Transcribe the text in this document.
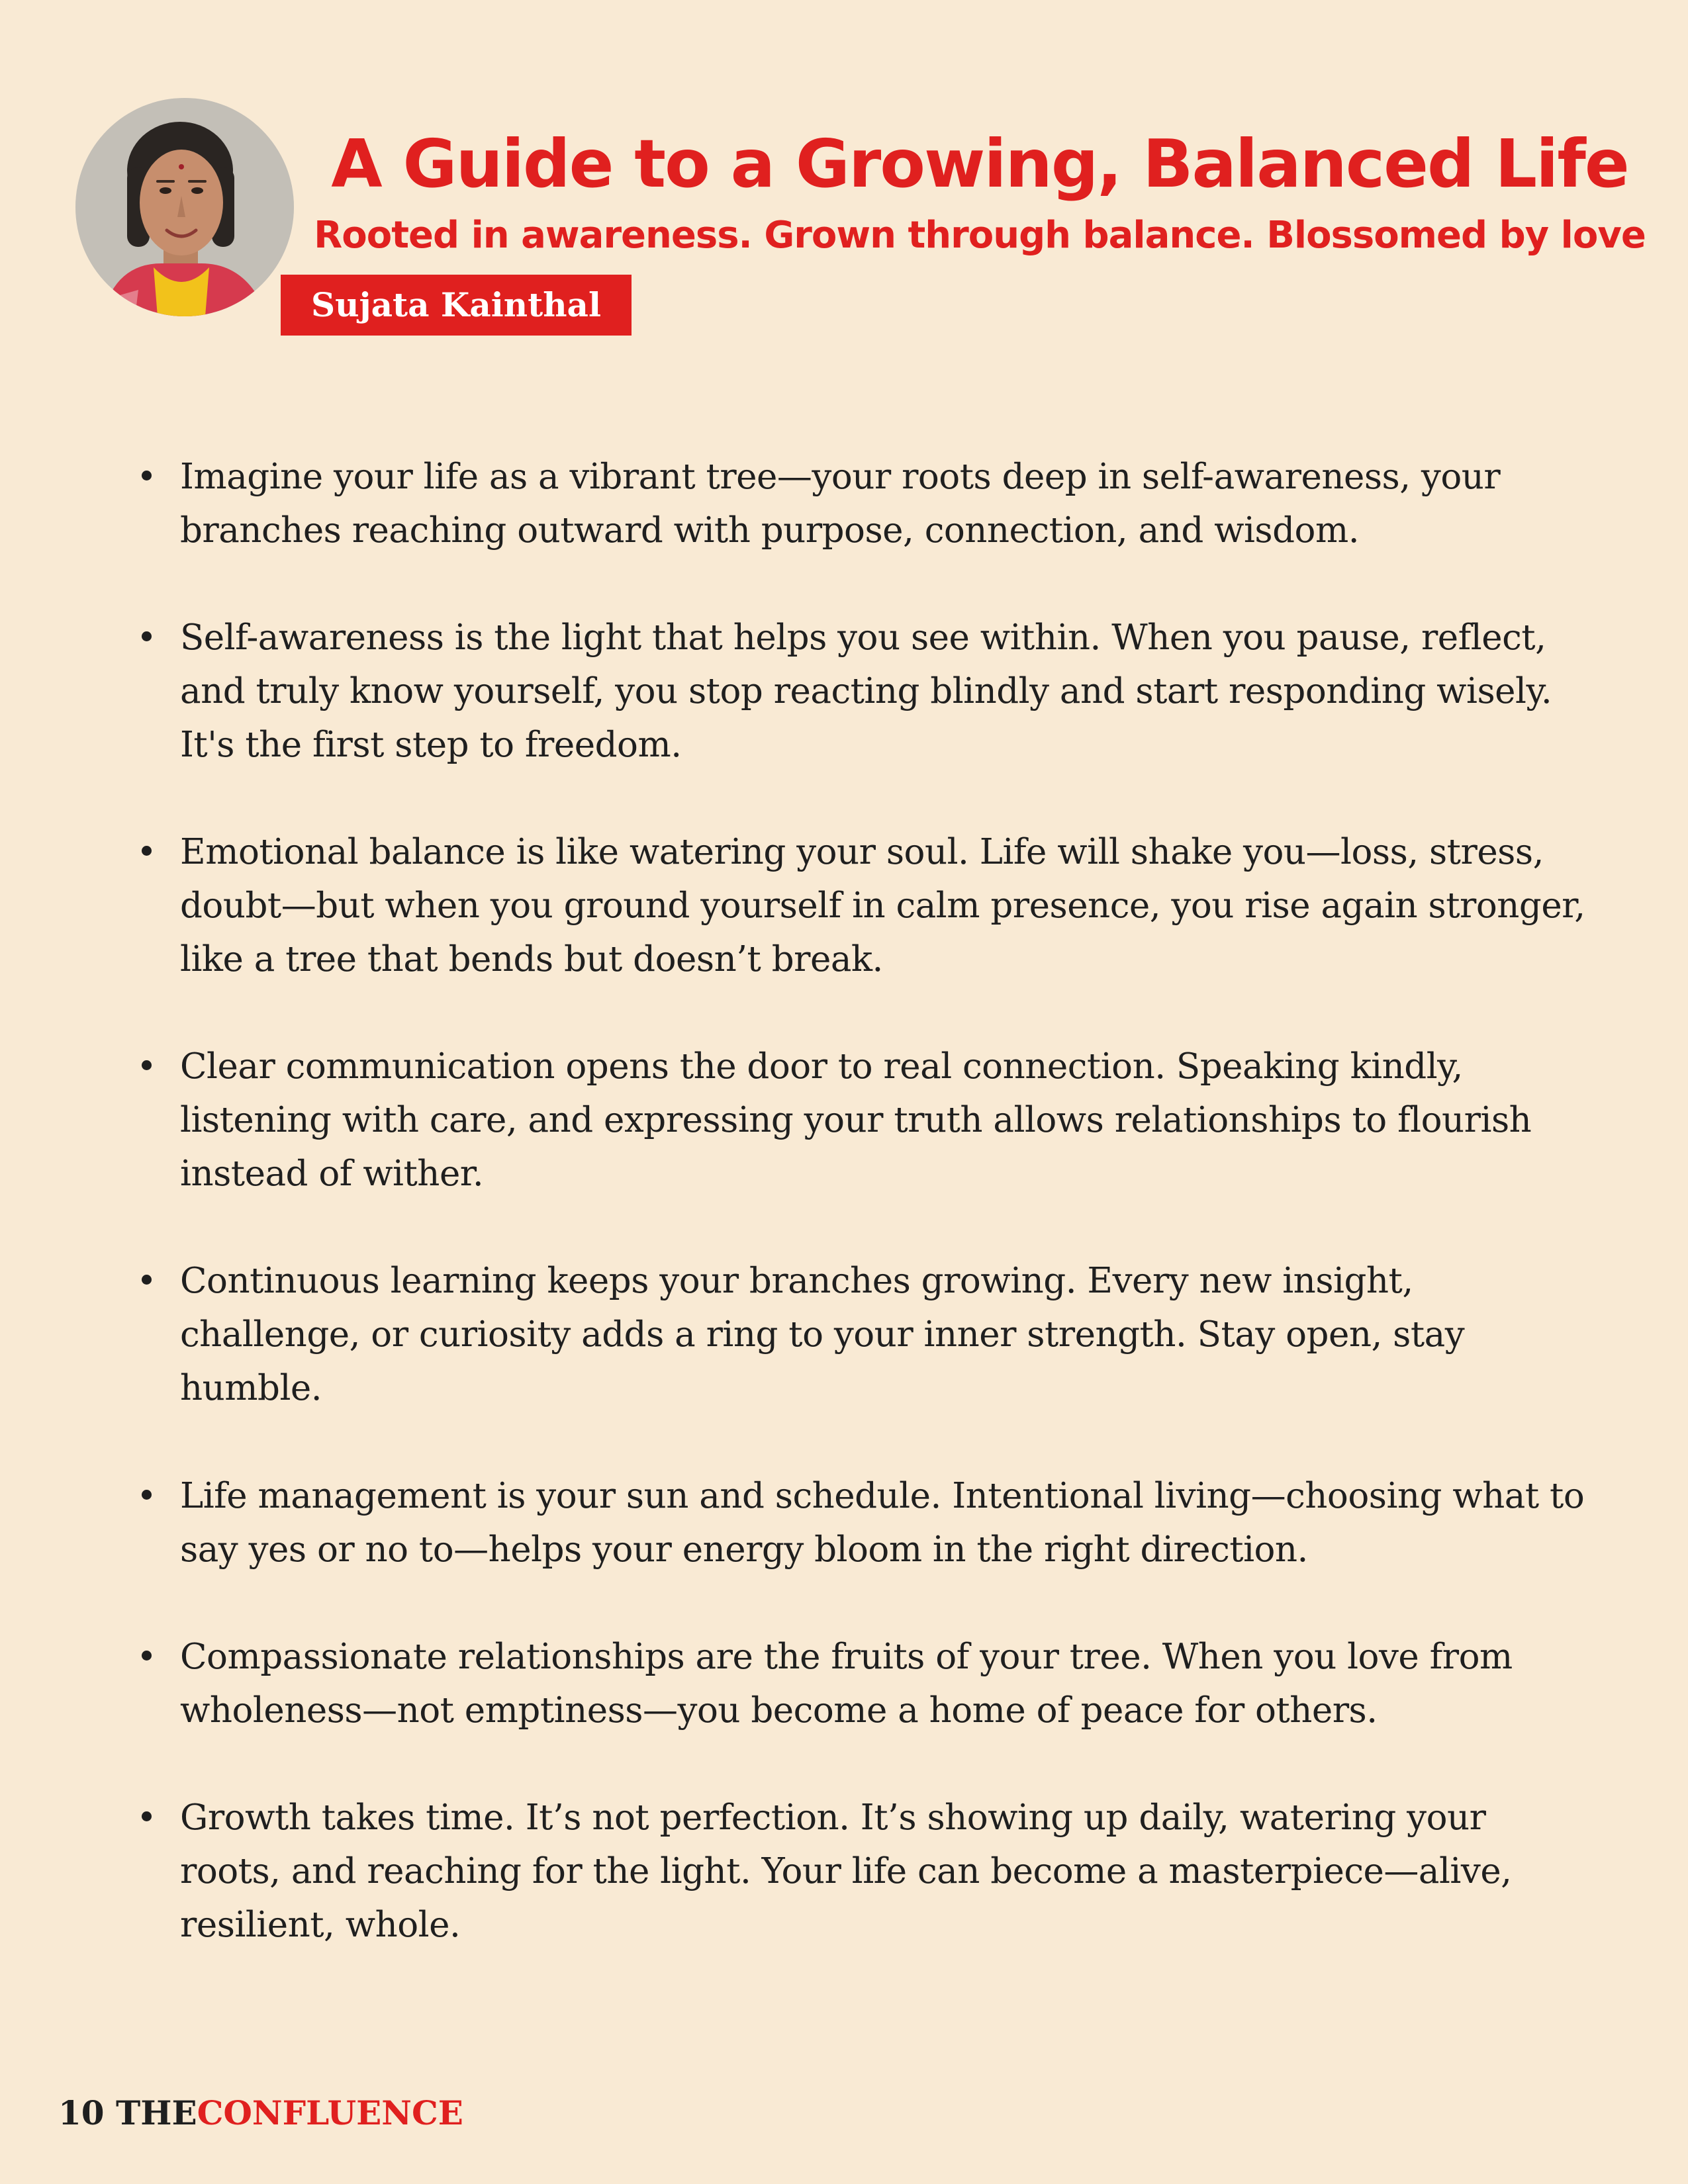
A Guide to a Growing, Balanced Life
Rooted in awareness. Grown through balance. Blossomed by love
Sujata Kainthal
Imagine your life as a vibrant tree—your roots deep in self-awareness, your branches reaching outward with purpose, connection, and wisdom.
Self-awareness is the light that helps you see within. When you pause, reflect, and truly know yourself, you stop reacting blindly and start responding wisely. It's the first step to freedom.
Emotional balance is like watering your soul. Life will shake you—loss, stress, doubt—but when you ground yourself in calm presence, you rise again stronger, like a tree that bends but doesn’t break.
Clear communication opens the door to real connection. Speaking kindly, listening with care, and expressing your truth allows relationships to flourish instead of wither.
Continuous learning keeps your branches growing. Every new insight, challenge, or curiosity adds a ring to your inner strength. Stay open, stay humble.
Life management is your sun and schedule. Intentional living—choosing what to say yes or no to—helps your energy bloom in the right direction.
Compassionate relationships are the fruits of your tree. When you love from wholeness—not emptiness—you become a home of peace for others.
Growth takes time. It’s not perfection. It’s showing up daily, watering your roots, and reaching for the light. Your life can become a masterpiece—alive, resilient, whole.
10 THECONFLUENCE
